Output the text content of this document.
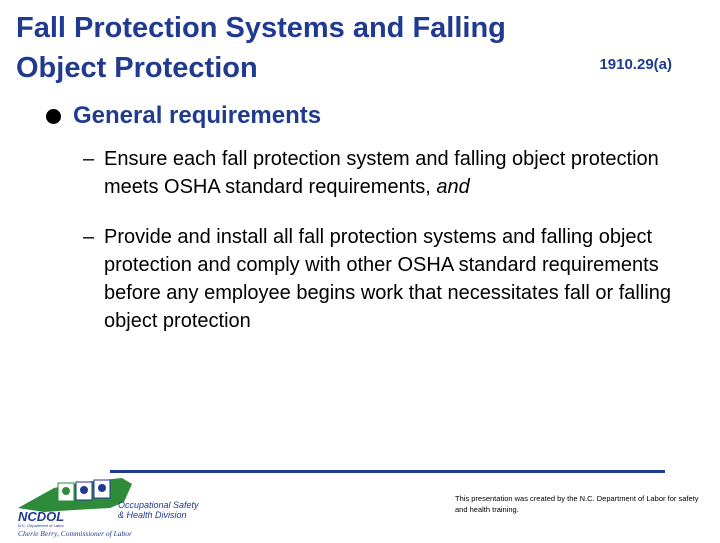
Fall Protection Systems and Falling
Object Protection	1910.29(a)
General requirements
– Ensure each fall protection system and falling object protection meets OSHA standard requirements, and
– Provide and install all fall protection systems and falling object protection and comply with other OSHA standard requirements before any employee begins work that necessitates fall or falling object protection
NCDOL
N.C. Department of Labor
Occupational Safety
& Health Division
Cherie Berry, Commissioner of Labor
This presentation was created by the N.C. Department of Labor for safety and health training.
